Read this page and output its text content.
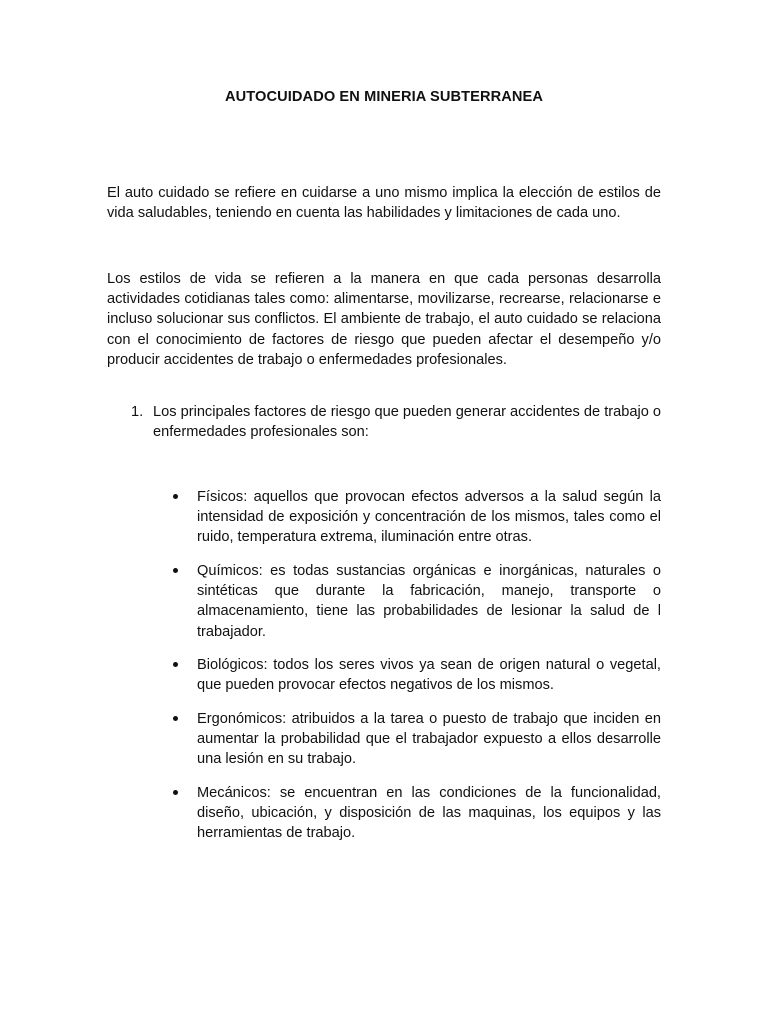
AUTOCUIDADO EN MINERIA SUBTERRANEA
El auto cuidado se refiere en cuidarse a uno mismo implica la elección de estilos de vida saludables, teniendo en cuenta las habilidades y limitaciones de cada uno.
Los estilos de vida se refieren a la manera en que cada personas desarrolla actividades cotidianas tales como: alimentarse, movilizarse, recrearse, relacionarse e incluso solucionar sus conflictos. El ambiente de trabajo, el auto cuidado se relaciona con el conocimiento de factores de riesgo que pueden afectar el desempeño y/o producir accidentes de trabajo o enfermedades profesionales.
1. Los principales factores de riesgo que pueden generar accidentes de trabajo o enfermedades profesionales son:
Físicos: aquellos que provocan efectos adversos a la salud según la intensidad de exposición y concentración de los mismos, tales como el ruido, temperatura extrema, iluminación entre otras.
Químicos: es todas sustancias orgánicas e inorgánicas, naturales o sintéticas que durante la fabricación, manejo, transporte o almacenamiento, tiene las probabilidades de lesionar la salud de l trabajador.
Biológicos: todos los seres vivos ya sean de origen natural o vegetal, que pueden provocar efectos negativos de los mismos.
Ergonómicos: atribuidos a la tarea o puesto de trabajo que inciden en aumentar la probabilidad que el trabajador expuesto a ellos desarrolle una lesión en su trabajo.
Mecánicos: se encuentran en las condiciones de la funcionalidad, diseño, ubicación, y disposición de las maquinas, los equipos y las herramientas de trabajo.
